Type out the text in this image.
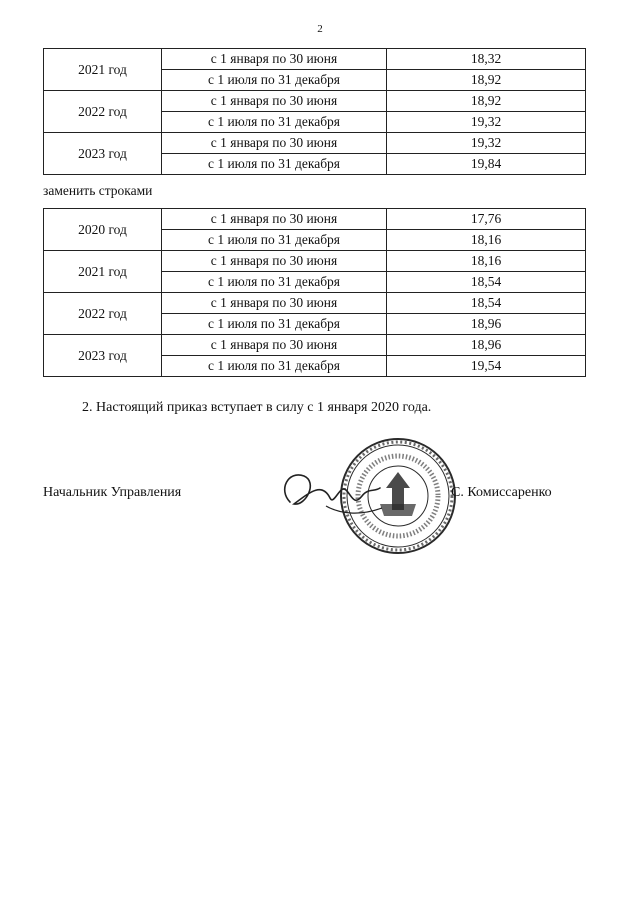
2
2021 год	с 1 января по 30 июня	18,32
	с 1 июля по 31 декабря	18,92
2022 год	с 1 января по 30 июня	18,92
	с 1 июля по 31 декабря	19,32
2023 год	с 1 января по 30 июня	19,32
	с 1 июля по 31 декабря	19,84
заменить строками
2020 год	с 1 января по 30 июня	17,76
	с 1 июля по 31 декабря	18,16
2021 год	с 1 января по 30 июня	18,16
	с 1 июля по 31 декабря	18,54
2022 год	с 1 января по 30 июня	18,54
	с 1 июля по 31 декабря	18,96
2023 год	с 1 января по 30 июня	18,96
	с 1 июля по 31 декабря	19,54
2. Настоящий приказ вступает в силу с 1 января 2020 года.
Начальник Управления	С. Комиссаренко
